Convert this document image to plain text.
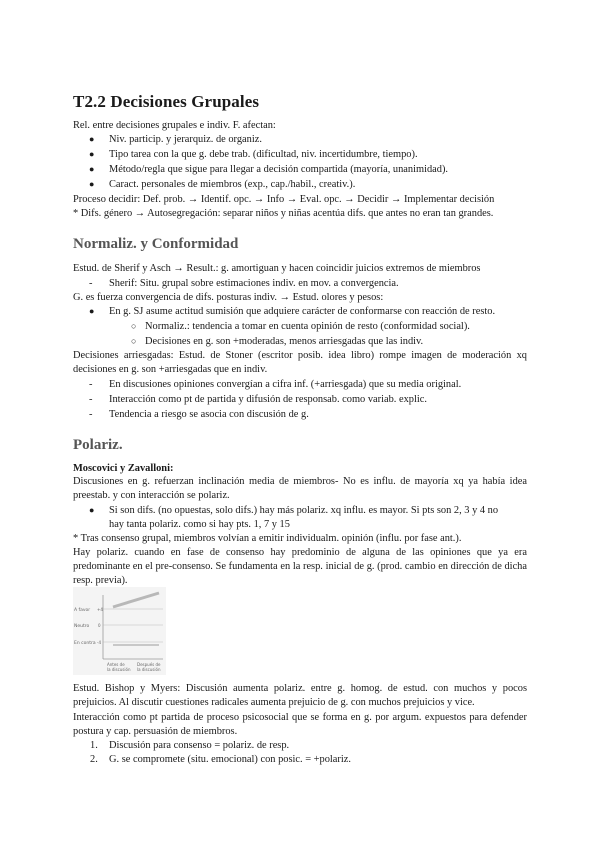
T2.2 Decisiones Grupales
Rel. entre decisiones grupales e indiv. F. afectan:
● Niv. particip. y jerarquiz. de organiz.
● Tipo tarea con la que g. debe trab. (dificultad, niv. incertidumbre, tiempo).
● Método/regla que sigue para llegar a decisión compartida (mayoría, unanimidad).
● Caract. personales de miembros (exp., cap./habil., creativ.).
Proceso decidir: Def. prob. → Identif. opc. → Info → Eval. opc. → Decidir → Implementar decisión
* Difs. género → Autosegregación: separar niños y niñas acentúa difs. que antes no eran tan grandes.
Normaliz. y Conformidad
Estud. de Sherif y Asch → Result.: g. amortiguan y hacen coincidir juicios extremos de miembros
- Sherif: Situ. grupal sobre estimaciones indiv. en mov. a convergencia.
G. es fuerza convergencia de difs. posturas indiv. → Estud. olores y pesos:
● En g. SJ asume actitud sumisión que adquiere carácter de conformarse con reacción de resto.
○ Normaliz.: tendencia a tomar en cuenta opinión de resto (conformidad social).
○ Decisiones en g. son +moderadas, menos arriesgadas que las indiv.
Decisiones arriesgadas: Estud. de Stoner (escritor posib. idea libro) rompe imagen de moderación xq decisiones en g. son +arriesgadas que en indiv.
- En discusiones opiniones convergían a cifra inf. (+arriesgada) que su media original.
- Interacción como pt de partida y difusión de responsab. como variab. explic.
- Tendencia a riesgo se asocia con discusión de g.
Polariz.
Moscovici y Zavalloni:
Discusiones en g. refuerzan inclinación media de miembros- No es influ. de mayoría xq ya había idea preestab. y con interacción se polariz.
● Si son difs. (no opuestas, solo difs.) hay más polariz. xq influ. es mayor. Si pts son 2, 3 y 4 no
hay tanta polariz. como si hay pts. 1, 7 y 15
* Tras consenso grupal, miembros volvían a emitir individualm. opinión (influ. por fase ant.).
Hay polariz. cuando en fase de consenso hay predominio de alguna de las opiniones que ya era predominante en el pre-consenso. Se fundamenta en la resp. inicial de g. (prod. cambio en dirección de dicha resp. previa).
A favor
Neutro
En contra
+4
0
-4
Antes de
la discusión
Después de
la discusión
Estud. Bishop y Myers: Discusión aumenta polariz. entre g. homog. de estud. con muchos y pocos prejuicios. Al discutir cuestiones radicales aumenta prejuicio de g. con muchos prejuicios y vice.
Interacción como pt partida de proceso psicosocial que se forma en g. por argum. expuestos para defender postura y cap. persuasión de miembros.
1. Discusión para consenso = polariz. de resp.
2. G. se compromete (situ. emocional) con posic. = +polariz.
